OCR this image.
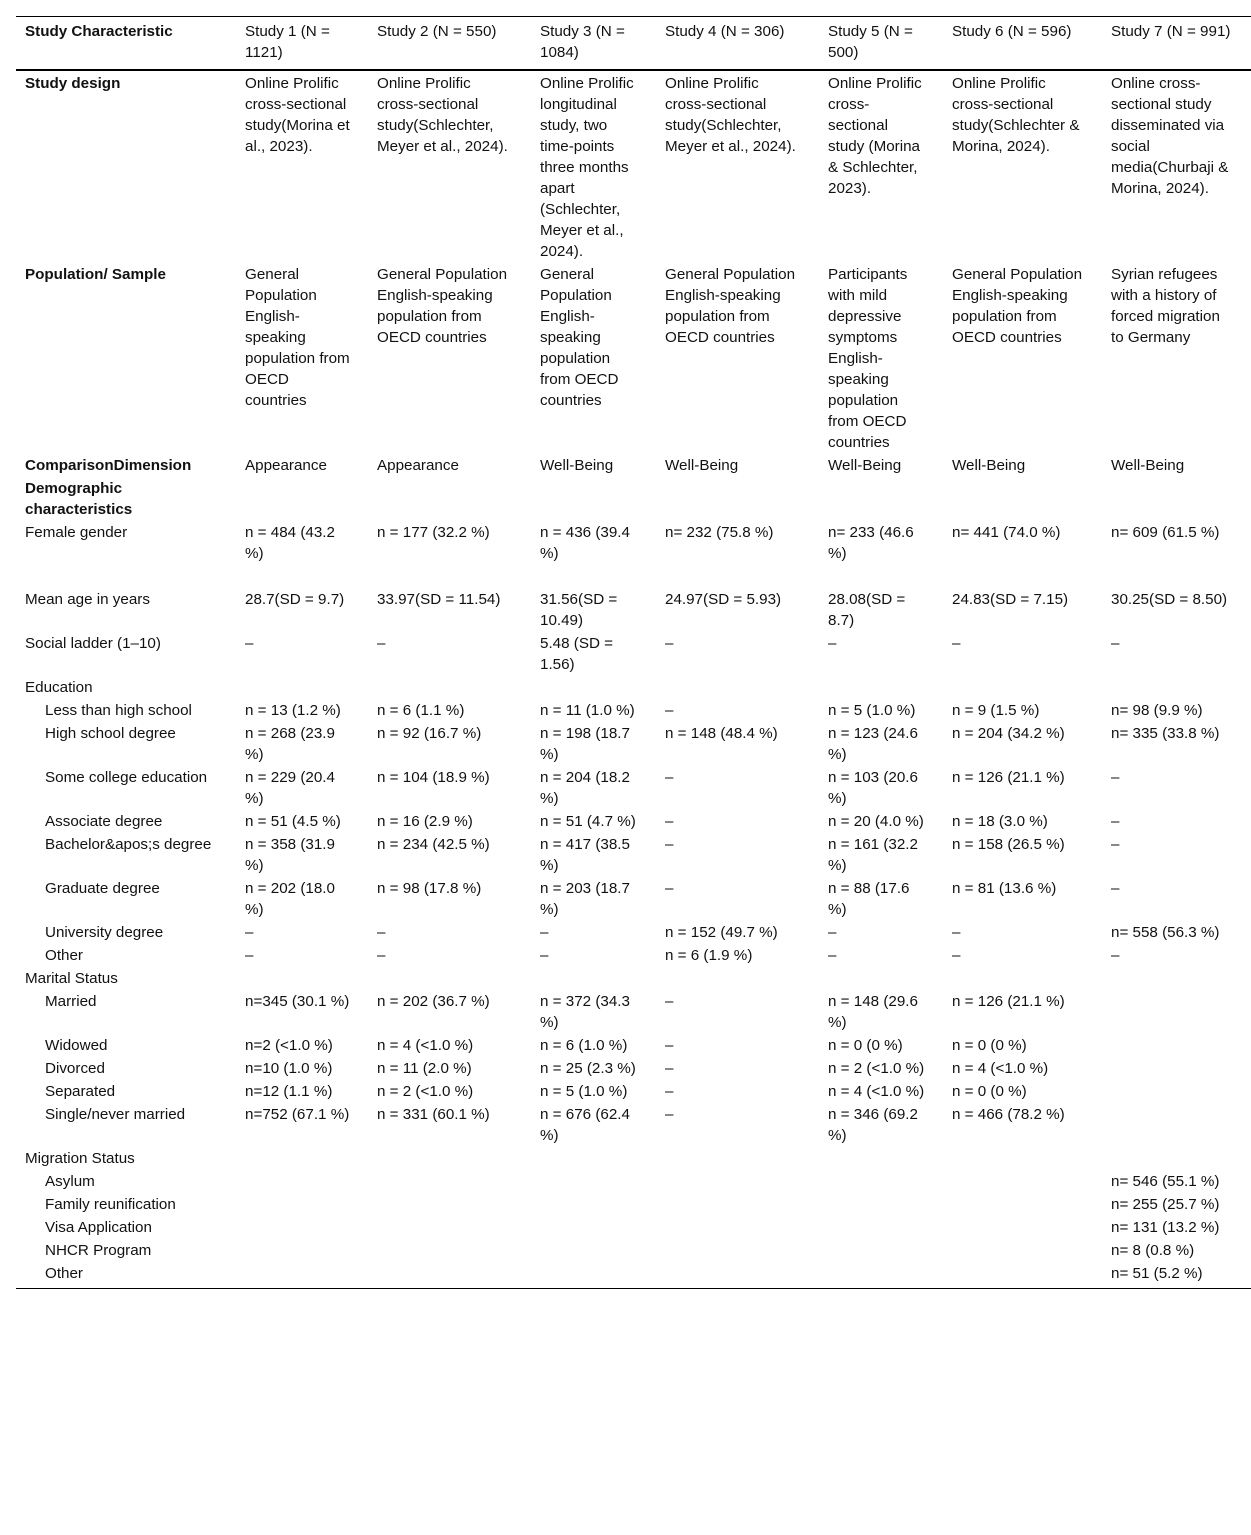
Study Characteristic	Study 1 (N = 1121)	Study 2 (N = 550)	Study 3 (N = 1084)	Study 4 (N = 306)	Study 5 (N = 500)	Study 6 (N = 596)	Study 7 (N = 991)
Study design	Online Prolific cross-sectional study(Morina et al., 2023).	Online Prolific cross-sectional study(Schlechter, Meyer et al., 2024).	Online Prolific longitudinal study, two time-points three months apart (Schlechter, Meyer et al., 2024).	Online Prolific cross-sectional study(Schlechter, Meyer et al., 2024).	Online Prolific cross-sectional study (Morina & Schlechter, 2023).	Online Prolific cross-sectional study(Schlechter & Morina, 2024).	Online cross-sectional study disseminated via social media(Churbaji & Morina, 2024).
Population/ Sample	General Population English-speaking population from OECD countries	General Population English-speaking population from OECD countries	General Population English-speaking population from OECD countries	General Population English-speaking population from OECD countries	Participants with mild depressive symptoms English-speaking population from OECD countries	General Population English-speaking population from OECD countries	Syrian refugees with a history of forced migration to Germany
ComparisonDimension	Appearance	Appearance	Well-Being	Well-Being	Well-Being	Well-Being	Well-Being
Demographic characteristics							
Female gender	n = 484 (43.2 %)	n = 177 (32.2 %)	n = 436 (39.4 %)	n= 232 (75.8 %)	n= 233 (46.6 %)	n= 441 (74.0 %)	n= 609 (61.5 %)
Mean age in years	28.7(SD = 9.7)	33.97(SD = 11.54)	31.56(SD = 10.49)	24.97(SD = 5.93)	28.08(SD = 8.7)	24.83(SD = 7.15)	30.25(SD = 8.50)
Social ladder (1–10)	–	–	5.48 (SD = 1.56)	–	–	–	–
Education							
Less than high school	n = 13 (1.2 %)	n = 6 (1.1 %)	n = 11 (1.0 %)	–	n = 5 (1.0 %)	n = 9 (1.5 %)	n= 98 (9.9 %)
High school degree	n = 268 (23.9 %)	n = 92 (16.7 %)	n = 198 (18.7 %)	n = 148 (48.4 %)	n = 123 (24.6 %)	n = 204 (34.2 %)	n= 335 (33.8 %)
Some college education	n = 229 (20.4 %)	n = 104 (18.9 %)	n = 204 (18.2 %)	–	n = 103 (20.6 %)	n = 126 (21.1 %)	–
Associate degree	n = 51 (4.5 %)	n = 16 (2.9 %)	n = 51 (4.7 %)	–	n = 20 (4.0 %)	n = 18 (3.0 %)	–
Bachelor&apos;s degree	n = 358 (31.9 %)	n = 234 (42.5 %)	n = 417 (38.5 %)	–	n = 161 (32.2 %)	n = 158 (26.5 %)	–
Graduate degree	n = 202 (18.0 %)	n = 98 (17.8 %)	n = 203 (18.7 %)	–	n = 88 (17.6 %)	n = 81 (13.6 %)	–
University degree	–	–	–	n = 152 (49.7 %)	–	–	n= 558 (56.3 %)
Other	–	–	–	n = 6 (1.9 %)	–	–	–
Marital Status							
Married	n=345 (30.1 %)	n = 202 (36.7 %)	n = 372 (34.3 %)	–	n = 148 (29.6 %)	n = 126 (21.1 %)	
Widowed	n=2 (<1.0 %)	n = 4 (<1.0 %)	n = 6 (1.0 %)	–	n = 0 (0 %)	n = 0 (0 %)	
Divorced	n=10 (1.0 %)	n = 11 (2.0 %)	n = 25 (2.3 %)	–	n = 2 (<1.0 %)	n = 4 (<1.0 %)	
Separated	n=12 (1.1 %)	n = 2 (<1.0 %)	n = 5 (1.0 %)	–	n = 4 (<1.0 %)	n = 0 (0 %)	
Single/never married	n=752 (67.1 %)	n = 331 (60.1 %)	n = 676 (62.4 %)	–	n = 346 (69.2 %)	n = 466 (78.2 %)	
Migration Status							
Asylum							n= 546 (55.1 %)
Family reunification							n= 255 (25.7 %)
Visa Application							n= 131 (13.2 %)
NHCR Program							n= 8 (0.8 %)
Other							n= 51 (5.2 %)
